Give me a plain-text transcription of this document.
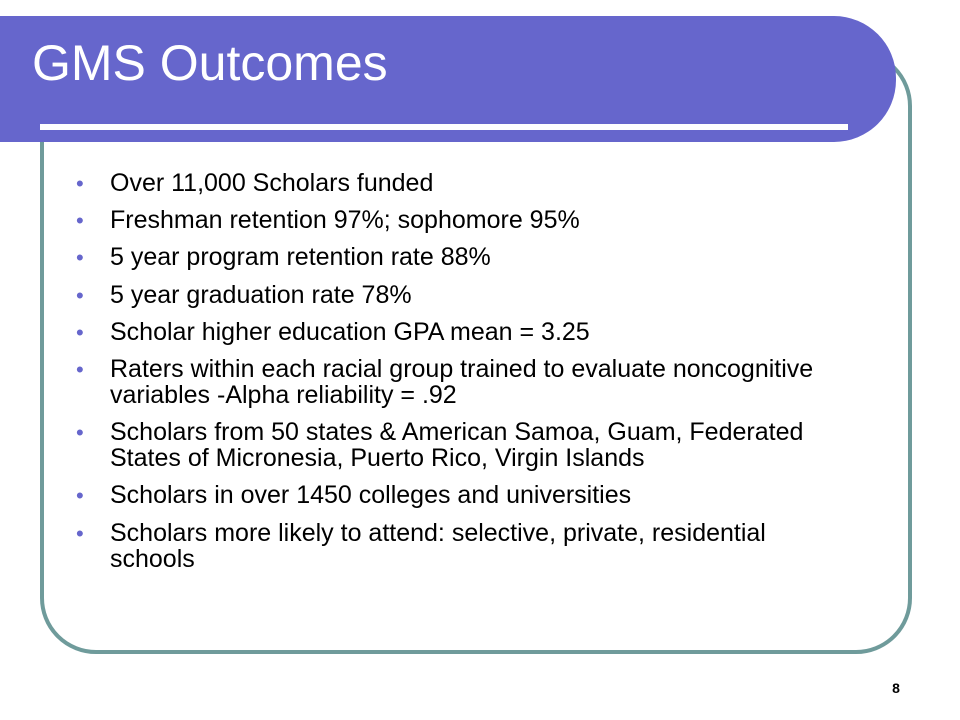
GMS Outcomes
• Over 11,000 Scholars funded
• Freshman retention 97%; sophomore 95%
• 5 year program retention rate 88%
• 5 year graduation rate 78%
• Scholar higher education GPA mean = 3.25
• Raters within each racial group trained to evaluate noncognitive variables -Alpha reliability = .92
• Scholars from 50 states & American Samoa, Guam, Federated States of Micronesia, Puerto Rico, Virgin Islands
• Scholars in over 1450 colleges and universities
• Scholars more likely to attend: selective, private, residential schools
8
